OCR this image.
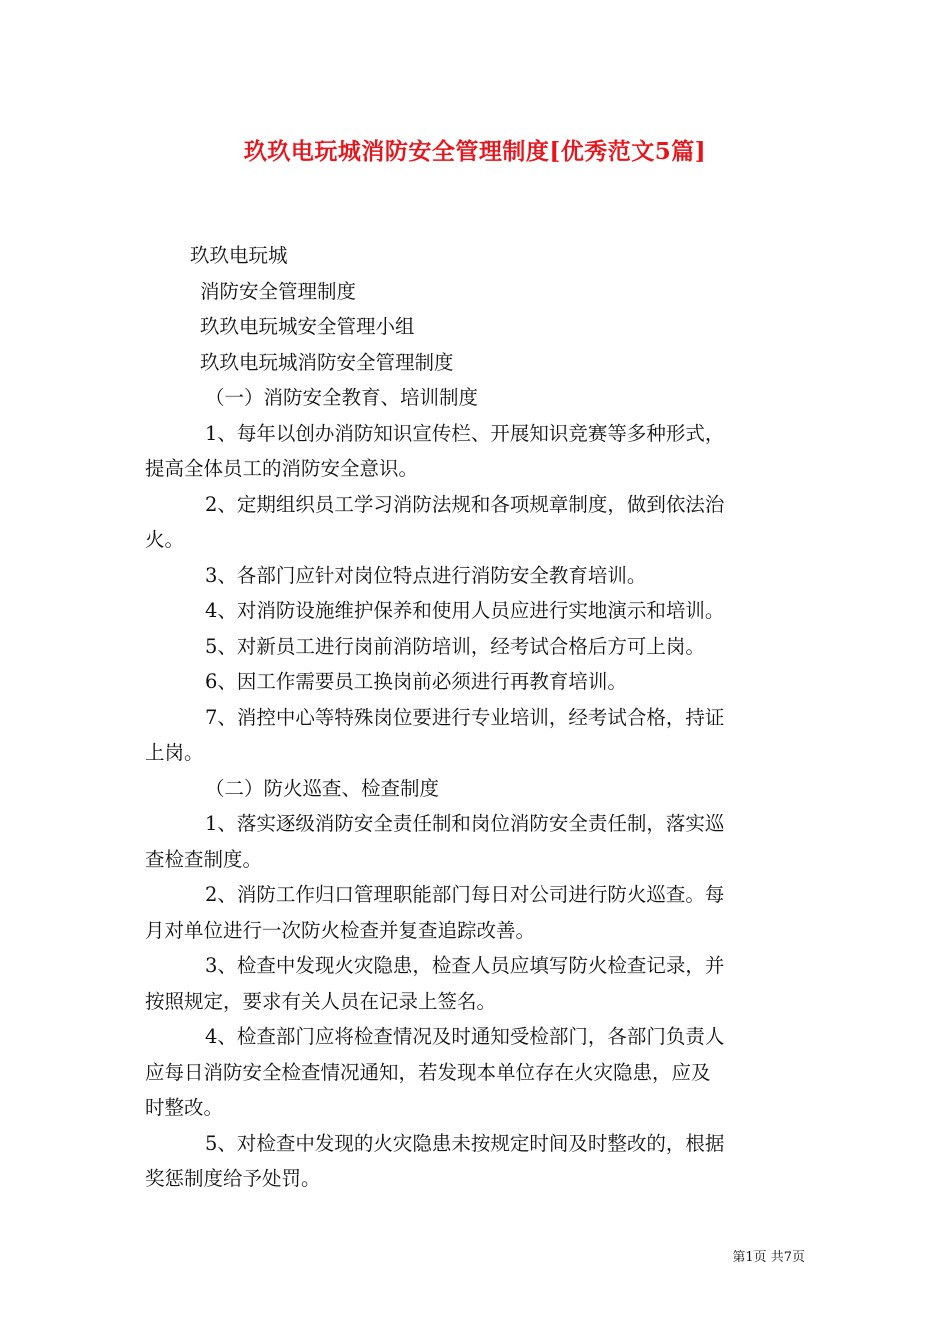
玖玖电玩城消防安全管理制度[优秀范文5篇]

玖玖电玩城

消防安全管理制度

玖玖电玩城安全管理小组

玖玖电玩城消防安全管理制度

（一）消防安全教育、培训制度

1、每年以创办消防知识宣传栏、开展知识竞赛等多种形式，

提高全体员工的消防安全意识。

2、定期组织员工学习消防法规和各项规章制度，做到依法治

火。

3、各部门应针对岗位特点进行消防安全教育培训。

4、对消防设施维护保养和使用人员应进行实地演示和培训。

5、对新员工进行岗前消防培训，经考试合格后方可上岗。

6、因工作需要员工换岗前必须进行再教育培训。

7、消控中心等特殊岗位要进行专业培训，经考试合格，持证

上岗。

（二）防火巡查、检查制度

1、落实逐级消防安全责任制和岗位消防安全责任制，落实巡

查检查制度。

2、消防工作归口管理职能部门每日对公司进行防火巡查。每

月对单位进行一次防火检查并复查追踪改善。

3、检查中发现火灾隐患，检查人员应填写防火检查记录，并

按照规定，要求有关人员在记录上签名。

4、检查部门应将检查情况及时通知受检部门，各部门负责人

应每日消防安全检查情况通知，若发现本单位存在火灾隐患，应及

时整改。

5、对检查中发现的火灾隐患未按规定时间及时整改的，根据

奖惩制度给予处罚。

第1页 共7页
